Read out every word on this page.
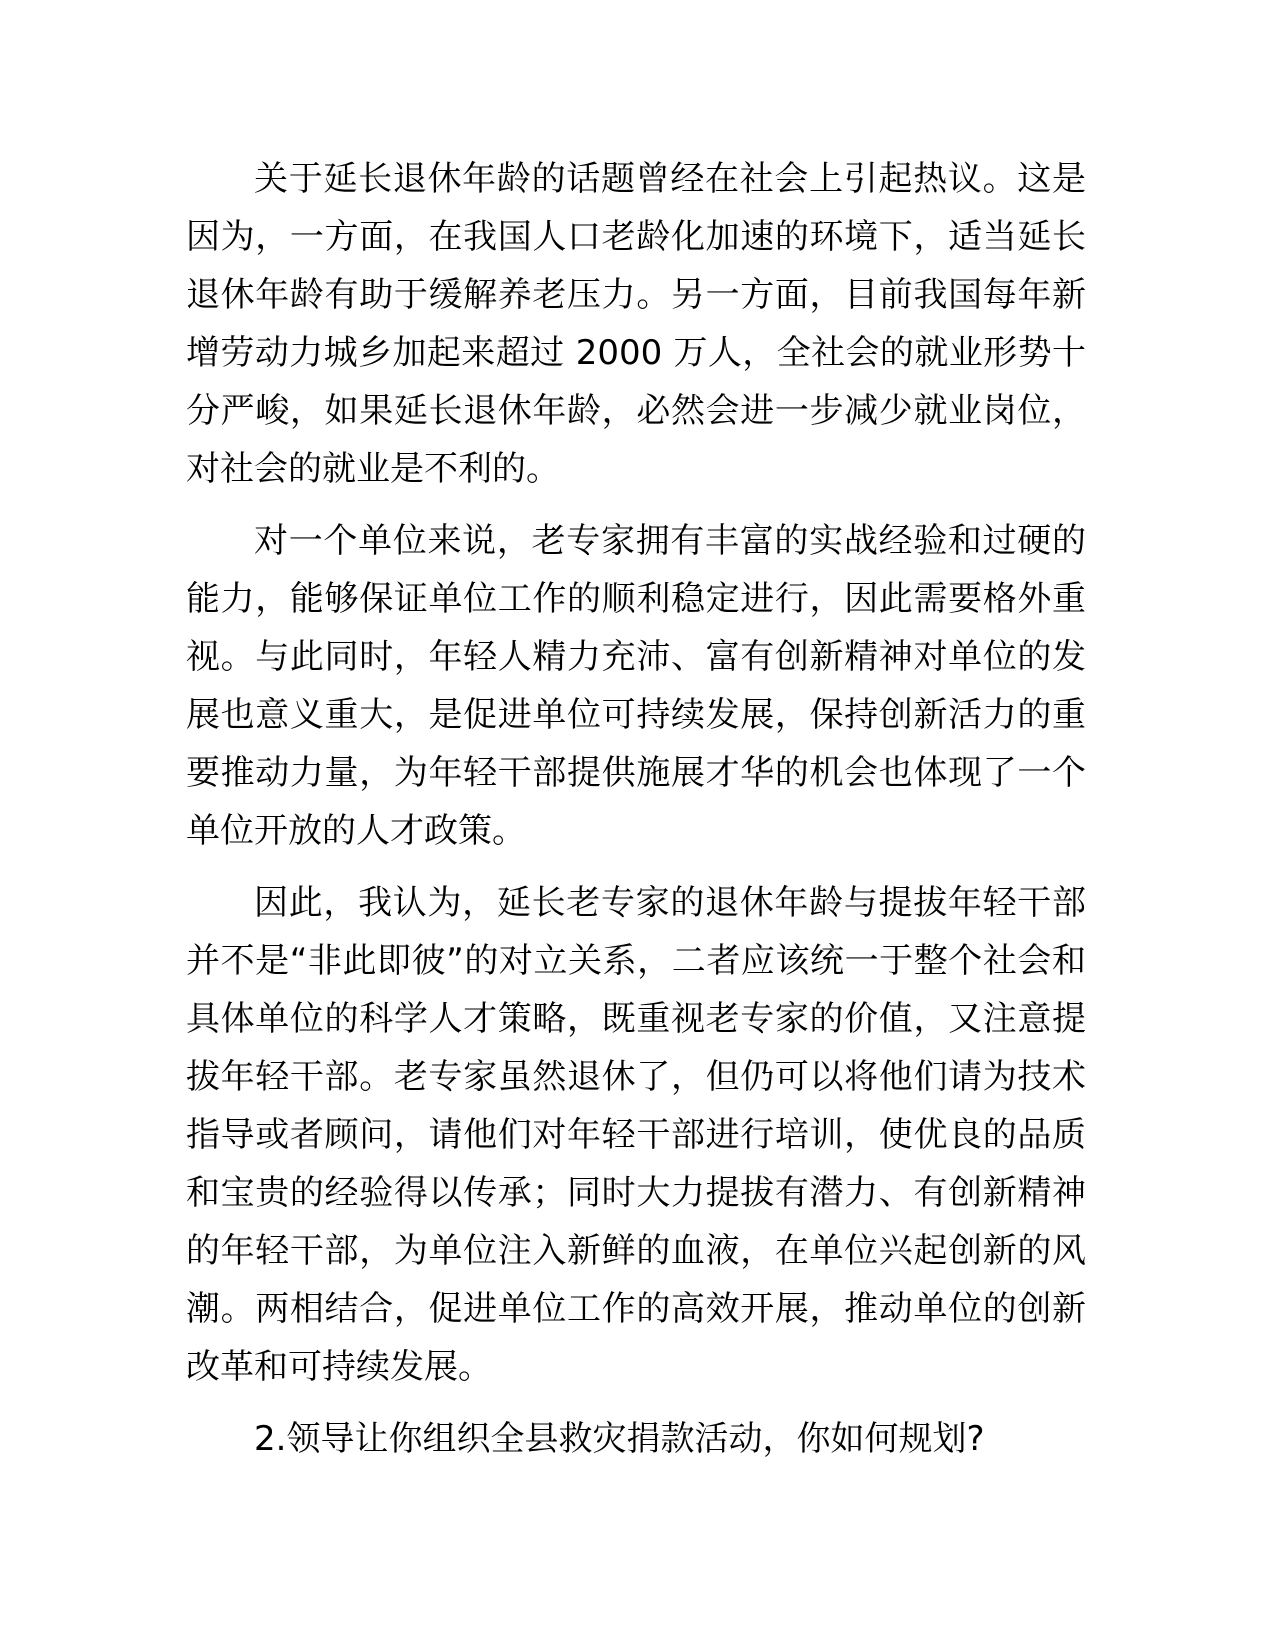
关于延长退休年龄的话题曾经在社会上引起热议。这是因为，一方面，在我国人口老龄化加速的环境下，适当延长退休年龄有助于缓解养老压力。另一方面，目前我国每年新增劳动力城乡加起来超过 2000 万人，全社会的就业形势十分严峻，如果延长退休年龄，必然会进一步减少就业岗位，对社会的就业是不利的。

对一个单位来说，老专家拥有丰富的实战经验和过硬的能力，能够保证单位工作的顺利稳定进行，因此需要格外重视。与此同时，年轻人精力充沛、富有创新精神对单位的发展也意义重大，是促进单位可持续发展，保持创新活力的重要推动力量，为年轻干部提供施展才华的机会也体现了一个单位开放的人才政策。

因此，我认为，延长老专家的退休年龄与提拔年轻干部并不是“非此即彼”的对立关系，二者应该统一于整个社会和具体单位的科学人才策略，既重视老专家的价值，又注意提拔年轻干部。老专家虽然退休了，但仍可以将他们请为技术指导或者顾问，请他们对年轻干部进行培训，使优良的品质和宝贵的经验得以传承；同时大力提拔有潜力、有创新精神的年轻干部，为单位注入新鲜的血液，在单位兴起创新的风潮。两相结合，促进单位工作的高效开展，推动单位的创新改革和可持续发展。

2.领导让你组织全县救灾捐款活动，你如何规划?
